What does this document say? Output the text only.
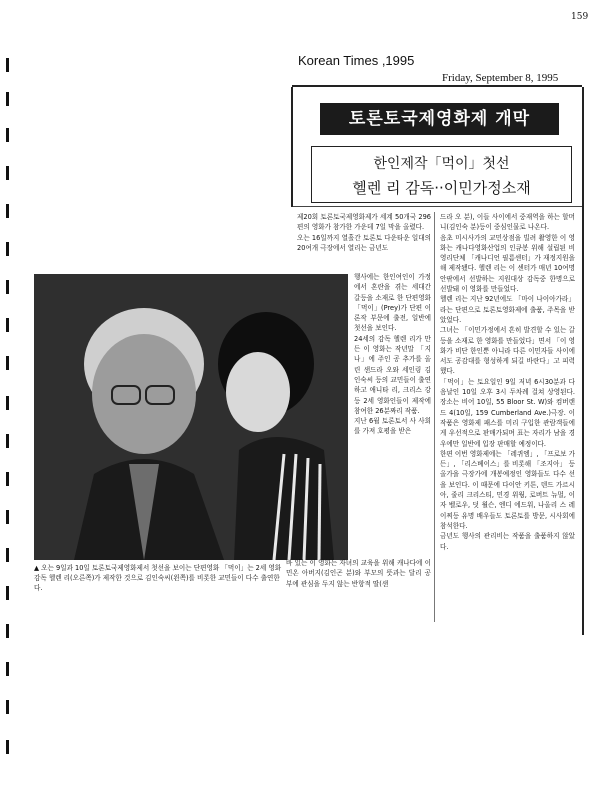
159
Korean Times ,1995
Friday, September 8, 1995
토론토국제영화제 개막
한인제작「먹이」첫선
헬렌 리 감독··이민가정소재
▲ 오는 9일과 10일 토론토국제영화제서 첫선을 보이는 단편영화 「먹이」는 2세 영화감독 헬렌 리(오른쪽)가 제작한 것으로 김인숙씨(왼쪽)를 비롯한 교민들이 다수 출연한다.

제20회 토론토국제영화제가 세계 50개국 296편의 영화가 참가한 가운데 7일 막을 올렸다.

오는 16일까지 열흘간 토론토 다운타운 일대의 20여개 극장에서 열리는 금년도

행사에는 한인여인이 가정에서 혼란을 겪는 세대간 갈등을 소재로 한 단편영화 「먹이」(Prey)가 단편 이론작 부문에 출전, 일반에 첫선을 보인다.

24세의 감독 헬렌 리가 만든 이 영화는 작년말 「지나」에 주인 공 추가를 올린 샌드라 오와 세인링 김 인숙씨 등의 교민들이 출연하고 애니타 리, 크리스 강등 2세 영화인들이 제작에 참여한 26분짜리 작품.

지난 6월 토론토서 사 사회를 가져 호평을 받은

바 있는 이 영화는 자녀의 교육을 위해 캐나다에 이민온 아버지(김인곤 분)와 부모의 뜻과는 달리 공부에 관심을 두지 않는 반항적 딸(샌

드라 오 분), 이들 사이에서 중재역을 하는 할머니(김인숙 분)등이 중심인물로 나온다.

음초 미시사가의 교민상점을 빌려 촬영한 이 영화는 캐나다영화산업의 인큐봉 위해 설립된 비영리단체 「캐나디언 필름센터」가 재정지원을 해 제작됐다. 헬렌 리는 이 센터가 매년 10여명 안팎에서 선발하는 지원대상 감독중 한명으로 선발돼 이 영화를 만들었다.

헬렌 리는 지난 92년에도 「마이 나이아가라」라는 단편으로 토론토영화제에 출품, 주목을 받았었다.

그녀는 「이민가정에서 흔히 발견할 수 있는 갈등을 소재로 한 영화를 만들었다」면서 「이 영화가 비단 한인뿐 아니라 다른 이민자들 사이에서도 공감대를 형성하게 되길 바란다」고 피력했다.

「먹이」는 토요일인 9일 저녁 6시30분과 다음날인 10일 오후 3시 두차례 걸쳐 상영된다. 장소는 비어 10일, 55 Bloor St. W)와 컴버랜드 4(10일, 159 Cumberland Ave.)극장. 이 작품은 영화제 패스를 미리 구입한 관람객들에게 우선적으로 판매가되며 표는 자리가 남을 경우에만 일반에 입장 판매할 예정이다.

한편 이번 영화제에는 「레퀴엠」, 「프로보 가든」, 「리스베이스」를 비롯해 「조지아」 등 올가을 극장가에 개봉예정인 영화들도 다수 선을 보인다. 이 때문에 다이안 키튼, 덴드 가르시아, 줄리 크리스티, 민경 위웡, 로버트 뉴멀, 이자 벨로우, 덧 윌슨, 엔디 에드워, 나올리 스 레이찌등 유명 배우들도 토론토를 방문, 시사회에 참석한다.

금년도 행사의 관리비는 작품을 출품하지 않았다.
